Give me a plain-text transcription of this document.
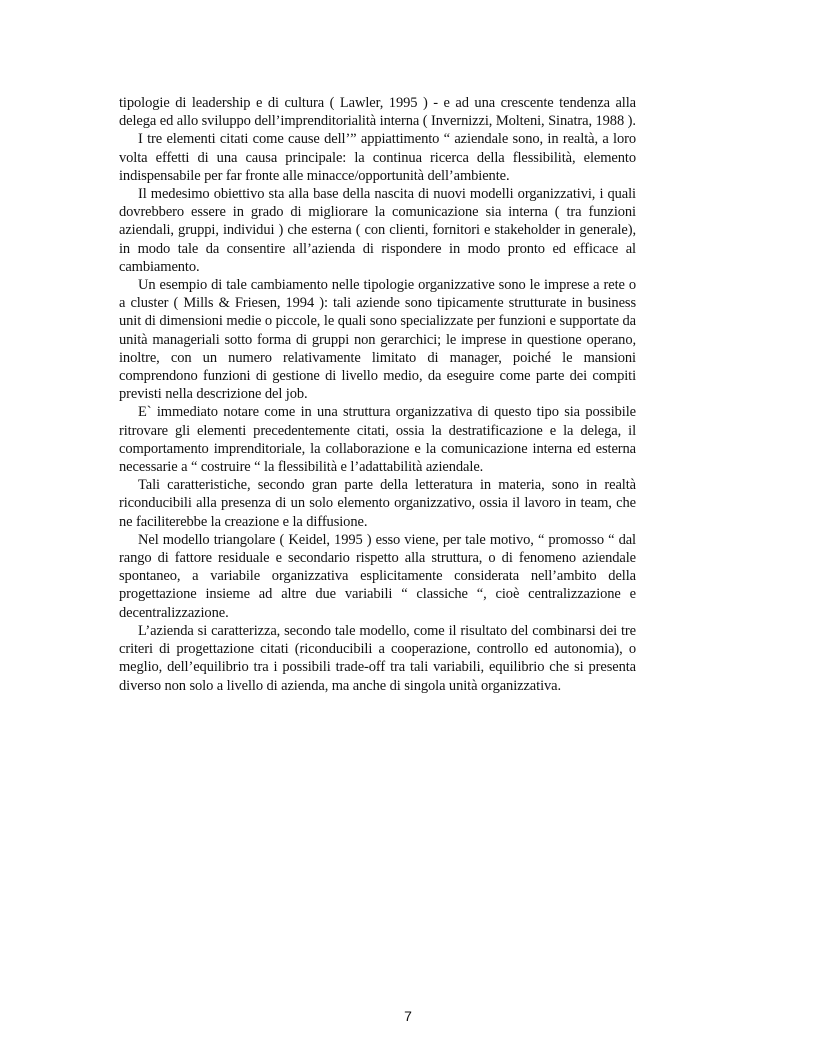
tipologie di leadership e di cultura ( Lawler, 1995 ) - e ad una crescente tendenza alla delega ed allo sviluppo dell’imprenditorialità interna ( Invernizzi, Molteni, Sinatra, 1988 ).

I tre elementi citati come cause dell’” appiattimento “ aziendale sono, in realtà, a loro volta effetti di una causa principale: la continua ricerca della flessibilità, elemento indispensabile per far fronte alle minacce/opportunità dell’ambiente.

Il medesimo obiettivo sta alla base della nascita di nuovi modelli organizzativi, i quali dovrebbero essere in grado di migliorare la comunicazione sia interna ( tra funzioni aziendali, gruppi, individui ) che esterna ( con clienti, fornitori e stakeholder in generale), in modo tale da consentire all’azienda di rispondere in modo pronto ed efficace al cambiamento.

Un esempio di tale cambiamento nelle tipologie organizzative sono le imprese a rete o a cluster ( Mills & Friesen, 1994 ): tali aziende sono tipicamente strutturate in business unit di dimensioni medie o piccole, le quali sono specializzate per funzioni e supportate da unità manageriali sotto forma di gruppi non gerarchici; le imprese in questione operano, inoltre, con un numero relativamente limitato di manager, poiché le mansioni comprendono funzioni di gestione di livello medio, da eseguire come parte dei compiti previsti nella descrizione del job.

E` immediato notare come in una struttura organizzativa di questo tipo sia possibile ritrovare gli elementi precedentemente citati, ossia la destratificazione e la delega, il comportamento imprenditoriale, la collaborazione e la comunicazione interna ed esterna necessarie a “ costruire “ la flessibilità e l’adattabilità aziendale.

Tali caratteristiche, secondo gran parte della letteratura in materia, sono in realtà riconducibili alla presenza di un solo elemento organizzativo, ossia il lavoro in team, che ne faciliterebbe la creazione e la diffusione.

Nel modello triangolare ( Keidel, 1995 ) esso viene, per tale motivo, “ promosso “ dal rango di fattore residuale e secondario rispetto alla struttura, o di fenomeno aziendale spontaneo, a variabile organizzativa esplicitamente considerata nell’ambito della progettazione insieme ad altre due variabili “ classiche “, cioè centralizzazione e decentralizzazione.

L’azienda si caratterizza, secondo tale modello, come il risultato del combinarsi dei tre criteri di progettazione citati (riconducibili a cooperazione, controllo ed autonomia), o meglio, dell’equilibrio tra i possibili trade-off tra tali variabili, equilibrio che si presenta diverso non solo a livello di azienda, ma anche di singola unità organizzativa.

7
